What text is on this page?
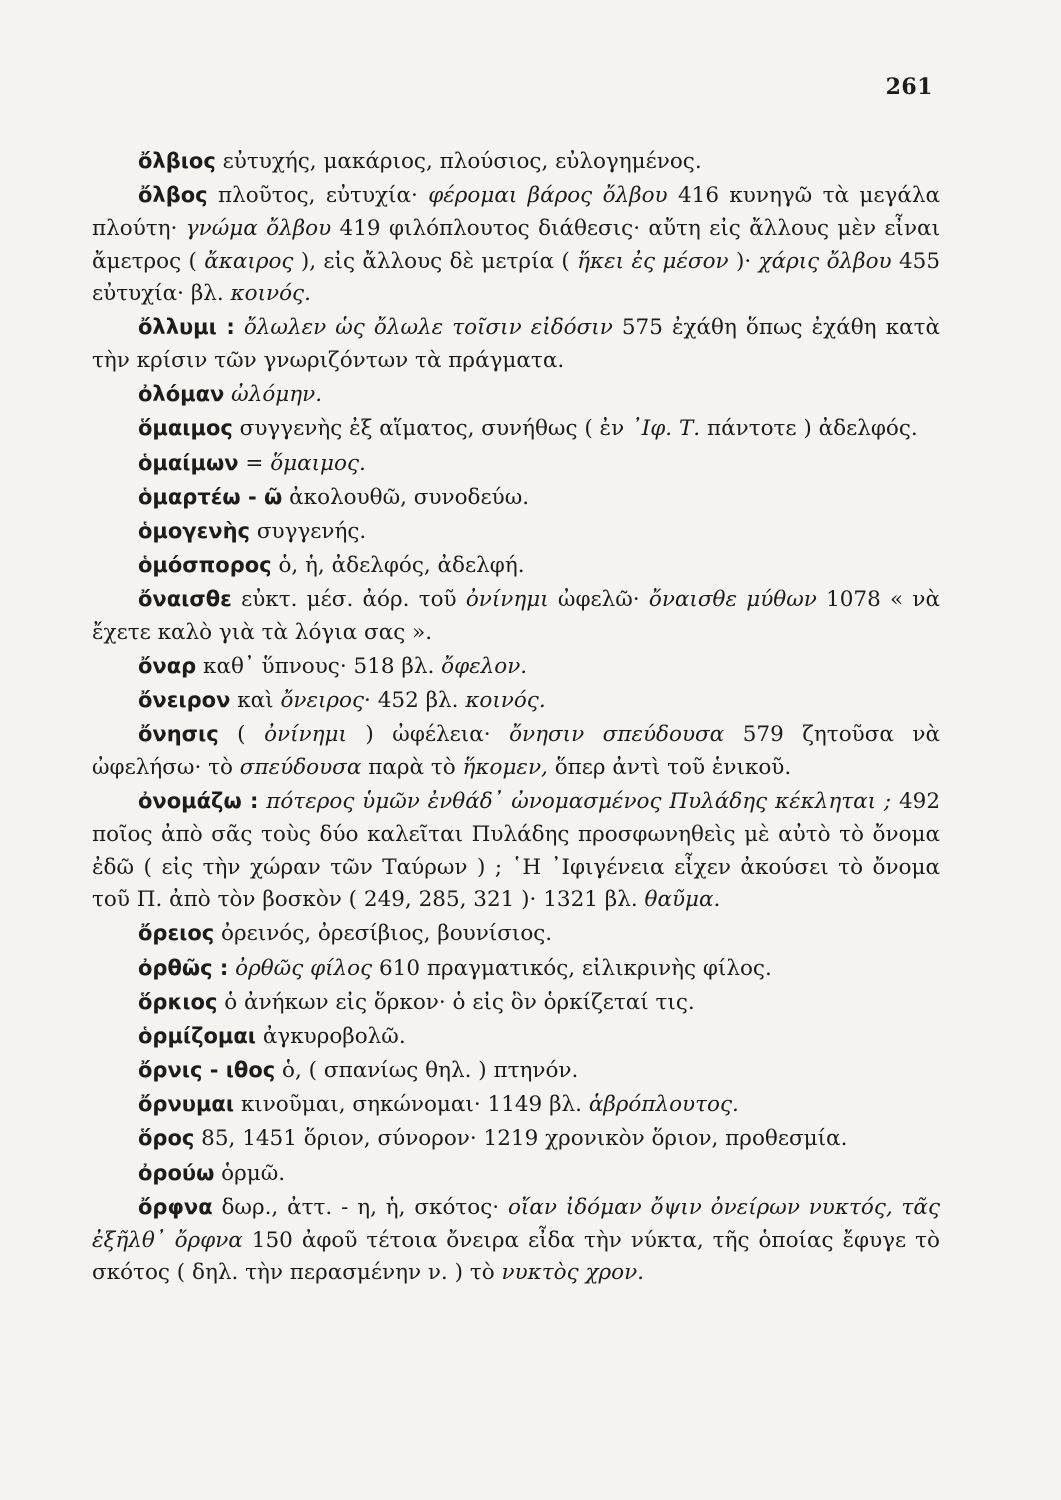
261

ὄλβιος εὐτυχής, μακάριος, πλούσιος, εὐλογημένος.

ὄλβος πλοῦτος, εὐτυχία· φέρομαι βάρος ὄλβου 416 κυνηγῶ τὰ μεγάλα πλούτη· γνώμα ὄλβου 419 φιλόπλουτος διάθεσις· αὔτη εἰς ἄλλους μὲν εἶναι ἄμετρος ( ἄκαιρος ), εἰς ἄλλους δὲ μετρία ( ἥκει ἐς μέσον )· χάρις ὄλβου 455 εὐτυχία· βλ. κοινός.

ὄλλυμι : ὄλωλεν ὡς ὄλωλε τοῖσιν εἰδόσιν 575 ἐχάθη ὅπως ἐχάθη κατὰ τὴν κρίσιν τῶν γνωριζόντων τὰ πράγματα.

ὀλόμαν ὠλόμην.

ὅμαιμος συγγενὴς ἐξ αἵματος, συνήθως ( ἐν ᾿Ιφ. Τ. πάντοτε ) ἀδελφός.

ὁμαίμων = ὅμαιμος.

ὁμαρτέω - ῶ ἀκολουθῶ, συνοδεύω.

ὁμογενὴς συγγενής.

ὁμόσπορος ὁ, ἡ, ἀδελφός, ἀδελφή.

ὄναισθε εὐκτ. μέσ. ἀόρ. τοῦ ὀνίνημι ὠφελῶ· ὄναισθε μύθων 1078 « νὰ ἔχετε καλὸ γιὰ τὰ λόγια σας ».

ὄναρ καθ᾿ ὕπνους· 518 βλ. ὄφελον.

ὄνειρον καὶ ὄνειρος· 452 βλ. κοινός.

ὄνησις ( ὀνίνημι ) ὠφέλεια· ὄνησιν σπεύδουσα 579 ζητοῦσα νὰ ὠφελήσω· τὸ σπεύδουσα παρὰ τὸ ἥκομεν, ὅπερ ἀντὶ τοῦ ἑνικοῦ.

ὀνομάζω : πότερος ὑμῶν ἐνθάδ᾿ ὠνομασμένος Πυλάδης κέκληται ; 492 ποῖος ἀπὸ σᾶς τοὺς δύο καλεῖται Πυλάδης προσφωνηθεὶς μὲ αὐτὸ τὸ ὄνομα ἐδῶ ( εἰς τὴν χώραν τῶν Ταύρων ) ; ῾Η ᾿Ιφιγένεια εἶχεν ἀκούσει τὸ ὄνομα τοῦ Π. ἀπὸ τὸν βοσκὸν ( 249, 285, 321 )· 1321 βλ. θαῦμα.

ὄρειος ὀρεινός, ὀρεσίβιος, βουνίσιος.

ὀρθῶς : ὀρθῶς φίλος 610 πραγματικός, εἰλικρινὴς φίλος.

ὅρκιος ὁ ἀνήκων εἰς ὅρκον· ὁ εἰς ὃν ὁρκίζεταί τις.

ὁρμίζομαι ἀγκυροβολῶ.

ὄρνις - ιθος ὁ, ( σπανίως θηλ. ) πτηνόν.

ὄρνυμαι κινοῦμαι, σηκώνομαι· 1149 βλ. ἁβρόπλουτος.

ὅρος 85, 1451 ὅριον, σύνορον· 1219 χρονικὸν ὅριον, προθεσμία.

ὀρούω ὁρμῶ.

ὄρφνα δωρ., ἀττ. - η, ἡ, σκότος· οἴαν ἰδόμαν ὄψιν ὀνείρων νυκτός, τᾶς ἐξῆλθ᾿ ὄρφνα 150 ἀφοῦ τέτοια ὄνειρα εἶδα τὴν νύκτα, τῆς ὁποίας ἔφυγε τὸ σκότος ( δηλ. τὴν περασμένην ν. ) τὸ νυκτὸς χρον.
